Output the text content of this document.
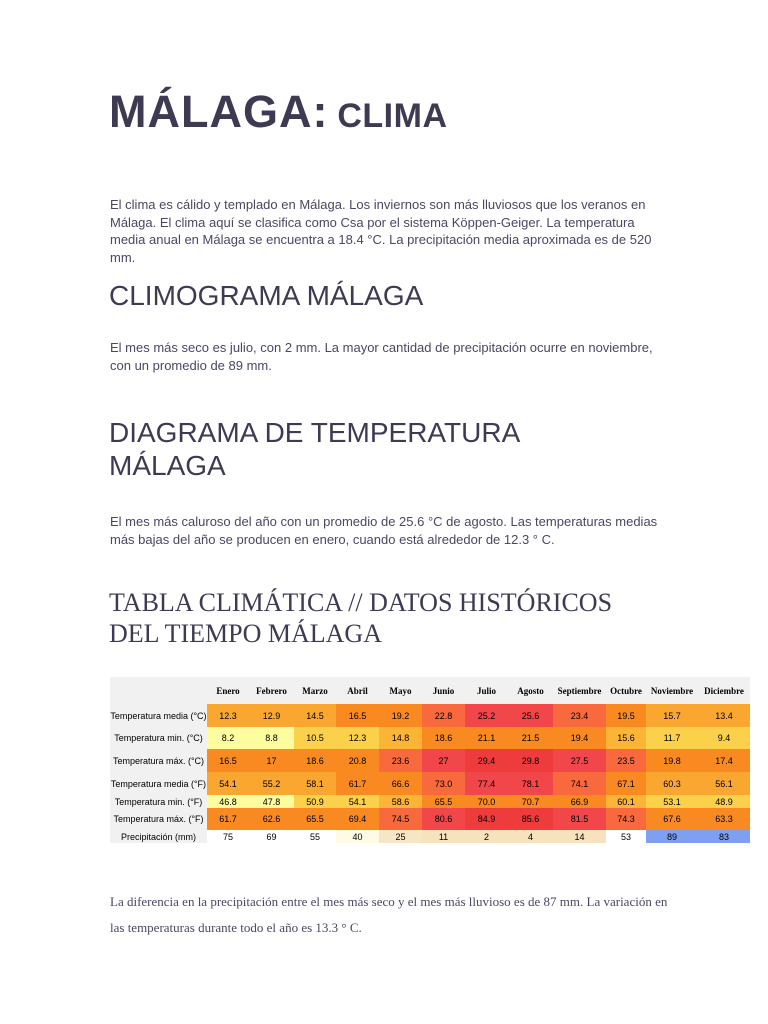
MÁLAGA: CLIMA

El clima es cálido y templado en Málaga. Los inviernos son más lluviosos que los veranos en Málaga. El clima aquí se clasifica como Csa por el sistema Köppen-Geiger. La temperatura media anual en Málaga se encuentra a 18.4 °C. La precipitación media aproximada es de 520 mm.

CLIMOGRAMA MÁLAGA

El mes más seco es julio, con 2 mm. La mayor cantidad de precipitación ocurre en noviembre, con un promedio de 89 mm.

DIAGRAMA DE TEMPERATURA
MÁLAGA

El mes más caluroso del año con un promedio de 25.6 °C de agosto. Las temperaturas medias más bajas del año se producen en enero, cuando está alrededor de 12.3 ° C.

TABLA CLIMÁTICA // DATOS HISTÓRICOS
DEL TIEMPO MÁLAGA
	Enero	Febrero	Marzo	Abril	Mayo	Junio	Julio	Agosto	Septiembre	Octubre	Noviembre	Diciembre
Temperatura media (°C)	12.3	12.9	14.5	16.5	19.2	22.8	25.2	25.6	23.4	19.5	15.7	13.4
Temperatura min. (°C)	8.2	8.8	10.5	12.3	14.8	18.6	21.1	21.5	19.4	15.6	11.7	9.4
Temperatura máx. (°C)	16.5	17	18.6	20.8	23.6	27	29.4	29.8	27.5	23.5	19.8	17.4
Temperatura media (°F)	54.1	55.2	58.1	61.7	66.6	73.0	77.4	78.1	74.1	67.1	60.3	56.1
Temperatura min. (°F)	46.8	47.8	50.9	54.1	58.6	65.5	70.0	70.7	66.9	60.1	53.1	48.9
Temperatura máx. (°F)	61.7	62.6	65.5	69.4	74.5	80.6	84.9	85.6	81.5	74.3	67.6	63.3
Precipitación (mm)	75	69	55	40	25	11	2	4	14	53	89	83

La diferencia en la precipitación entre el mes más seco y el mes más lluvioso es de 87 mm. La variación en las temperaturas durante todo el año es 13.3 ° C.
